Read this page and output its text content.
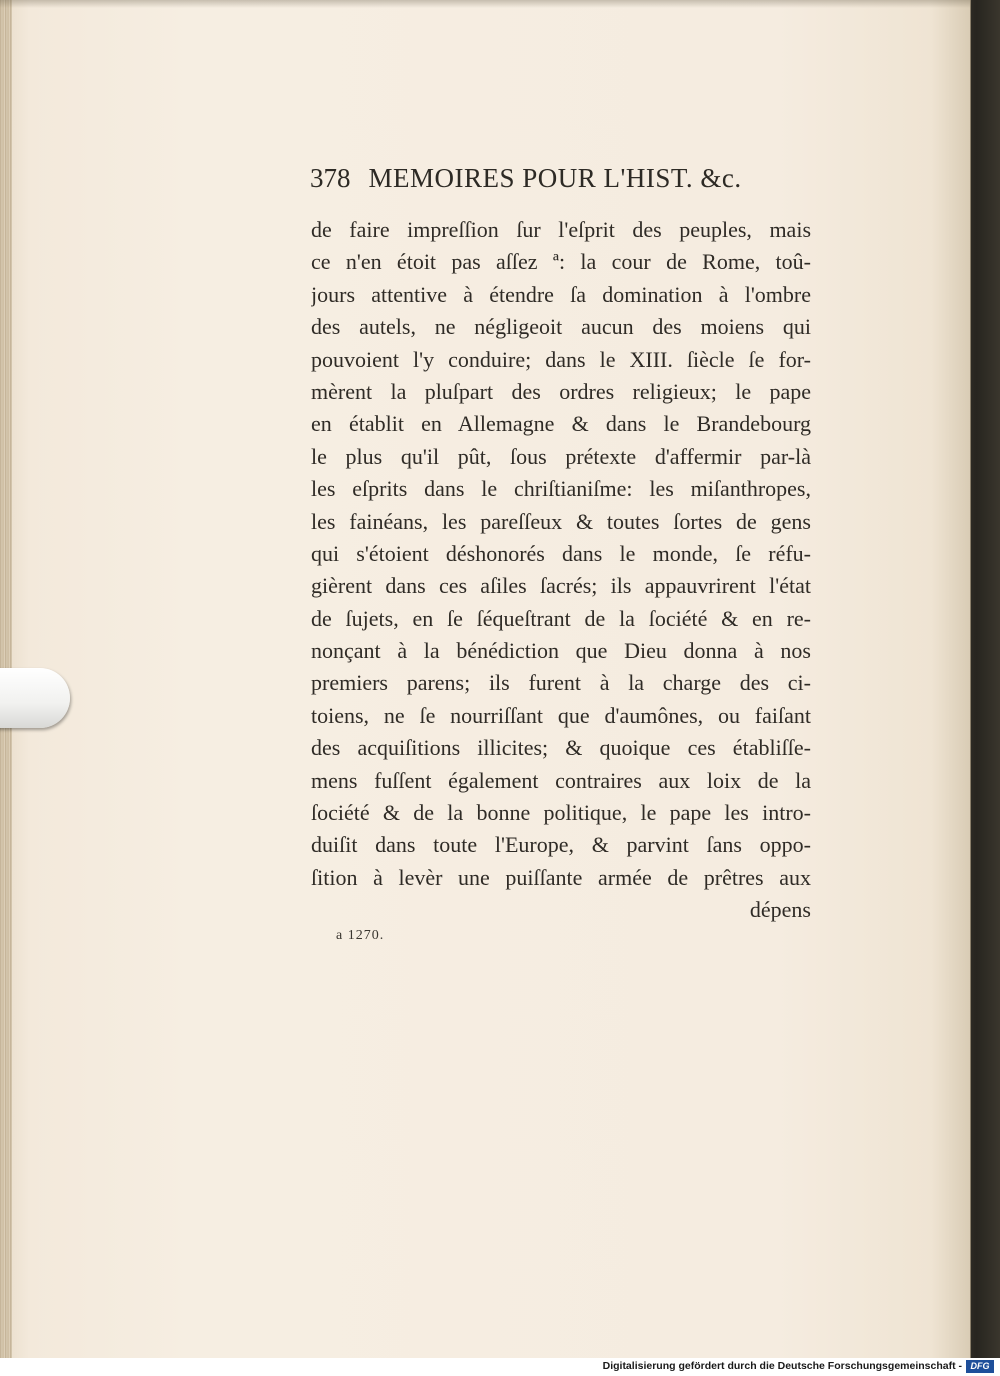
378 MEMOIRES POUR L'HIST. &c.
de faire impreſſion ſur l'eſprit des peuples, mais
ce n'en étoit pas aſſez ª: la cour de Rome, toû-
jours attentive à étendre ſa domination à l'ombre
des autels, ne négligeoit aucun des moiens qui
pouvoient l'y conduire; dans le XIII. ſiècle ſe for-
mèrent la pluſpart des ordres religieux; le pape
en établit en Allemagne & dans le Brandebourg
le plus qu'il pût, ſous prétexte d'affermir par-là
les eſprits dans le chriſtianiſme: les miſanthropes,
les fainéans, les pareſſeux & toutes ſortes de gens
qui s'étoient déshonorés dans le monde, ſe réfu-
gièrent dans ces aſiles ſacrés; ils appauvrirent l'état
de ſujets, en ſe ſéqueſtrant de la ſociété & en re-
nonçant à la bénédiction que Dieu donna à nos
premiers parens; ils furent à la charge des ci-
toiens, ne ſe nourriſſant que d'aumônes, ou faiſant
des acquiſitions illicites; & quoique ces établiſſe-
mens fuſſent également contraires aux loix de la
ſociété & de la bonne politique, le pape les intro-
duiſit dans toute l'Europe, & parvint ſans oppo-
ſition à levèr une puiſſante armée de prêtres aux
dépens
a 1270.
Digitalisierung gefördert durch die Deutsche Forschungsgemeinschaft - DFG
